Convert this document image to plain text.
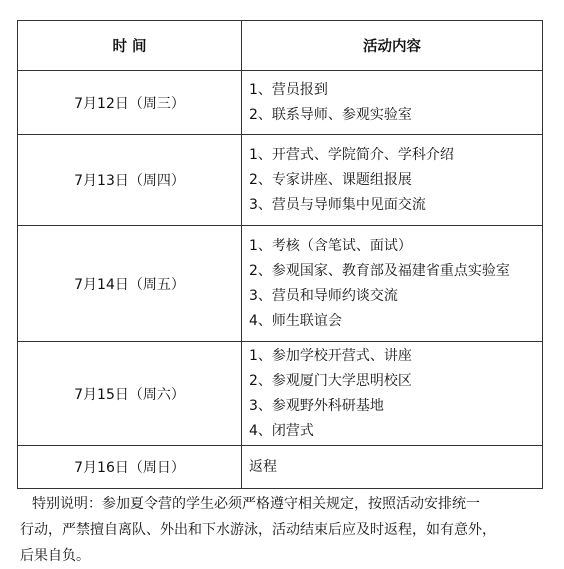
时 间	活动内容
7月12日（周三）	1、营员报到
2、联系导师、参观实验室

7月13日（周四）	1、开营式、学院简介、学科介绍
2、专家讲座、课题组报展
3、营员与导师集中见面交流

7月14日（周五）	1、考核（含笔试、面试）
2、参观国家、教育部及福建省重点实验室
3、营员和导师约谈交流
4、师生联谊会

7月15日（周六）	1、参加学校开营式、讲座
2、参观厦门大学思明校区
3、参观野外科研基地
4、闭营式

7月16日（周日）	返程
特别说明：参加夏令营的学生必须严格遵守相关规定，按照活动安排统一
行动，严禁擅自离队、外出和下水游泳，活动结束后应及时返程，如有意外，
后果自负。
